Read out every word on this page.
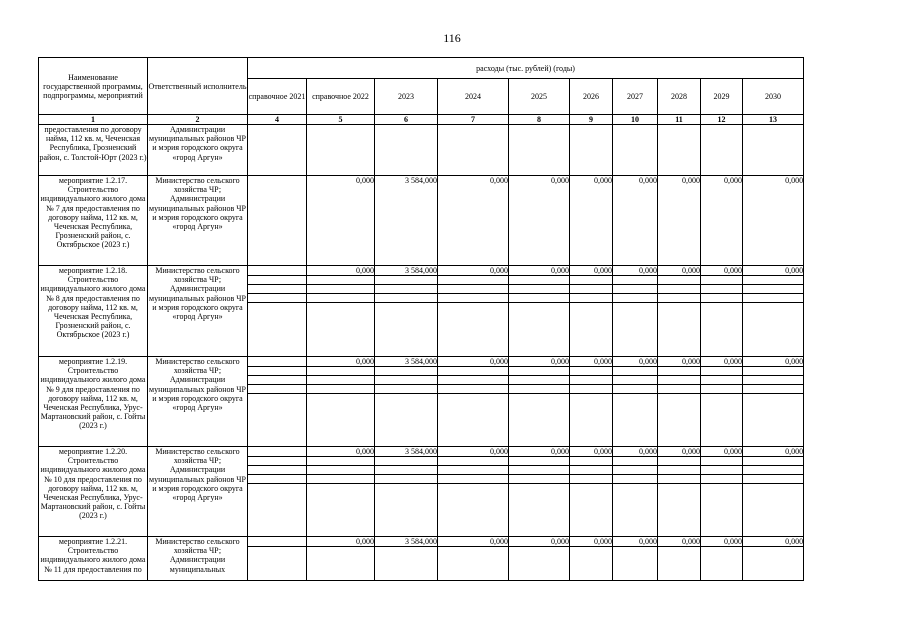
116
Наименование государственной программы, подпрограммы, мероприятий	Ответственный исполнитель	расходы (тыс. рублей) (годы)									
		справочное 2021	справочное 2022	2023	2024	2025	2026	2027	2028	2029	2030
1	2	4	5	6	7	8	9	10	11	12	13
предоставления по договору найма, 112 кв. м, Чеченская Республика, Грозненский район, с. Толстой-Юрт (2023 г.)	Администрации муниципальных районов ЧР и мэрия городского округа «город Аргун»										
мероприятие 1.2.17. Строительство индивидуального жилого дома № 7 для предоставления по договору найма, 112 кв. м, Чеченская Республика, Грозненский район, с. Октябрьское (2023 г.)	Министерство сельского хозяйства ЧР; Администрации муниципальных районов ЧР и мэрия городского округа «город Аргун»		0,000	3 584,000	0,000	0,000	0,000	0,000	0,000	0,000	0,000
мероприятие 1.2.18. Строительство индивидуального жилого дома № 8 для предоставления по договору найма, 112 кв. м, Чеченская Республика, Грозненский район, с. Октябрьское (2023 г.)	Министерство сельского хозяйства ЧР; Администрации муниципальных районов ЧР и мэрия городского округа «город Аргун»		0,000	3 584,000	0,000	0,000	0,000	0,000	0,000	0,000	0,000

мероприятие 1.2.19. Строительство индивидуального жилого дома № 9 для предоставления по договору найма, 112 кв. м, Чеченская Республика, Урус- Мартановский район, с. Гойты (2023 г.)	Министерство сельского хозяйства ЧР; Администрации муниципальных районов ЧР и мэрия городского округа «город Аргун»		0,000	3 584,000	0,000	0,000	0,000	0,000	0,000	0,000	0,000

мероприятие 1.2.20. Строительство индивидуального жилого дома № 10 для предоставления по договору найма, 112 кв. м, Чеченская Республика, Урус- Мартановский район, с. Гойты (2023 г.)	Министерство сельского хозяйства ЧР; Администрации муниципальных районов ЧР и мэрия городского округа «город Аргун»		0,000	3 584,000	0,000	0,000	0,000	0,000	0,000	0,000	0,000

мероприятие 1.2.21. Строительство индивидуального жилого дома № 11 для предоставления по	Министерство сельского хозяйства ЧР; Администрации муниципальных		0,000	3 584,000	0,000	0,000	0,000	0,000	0,000	0,000	0,000
